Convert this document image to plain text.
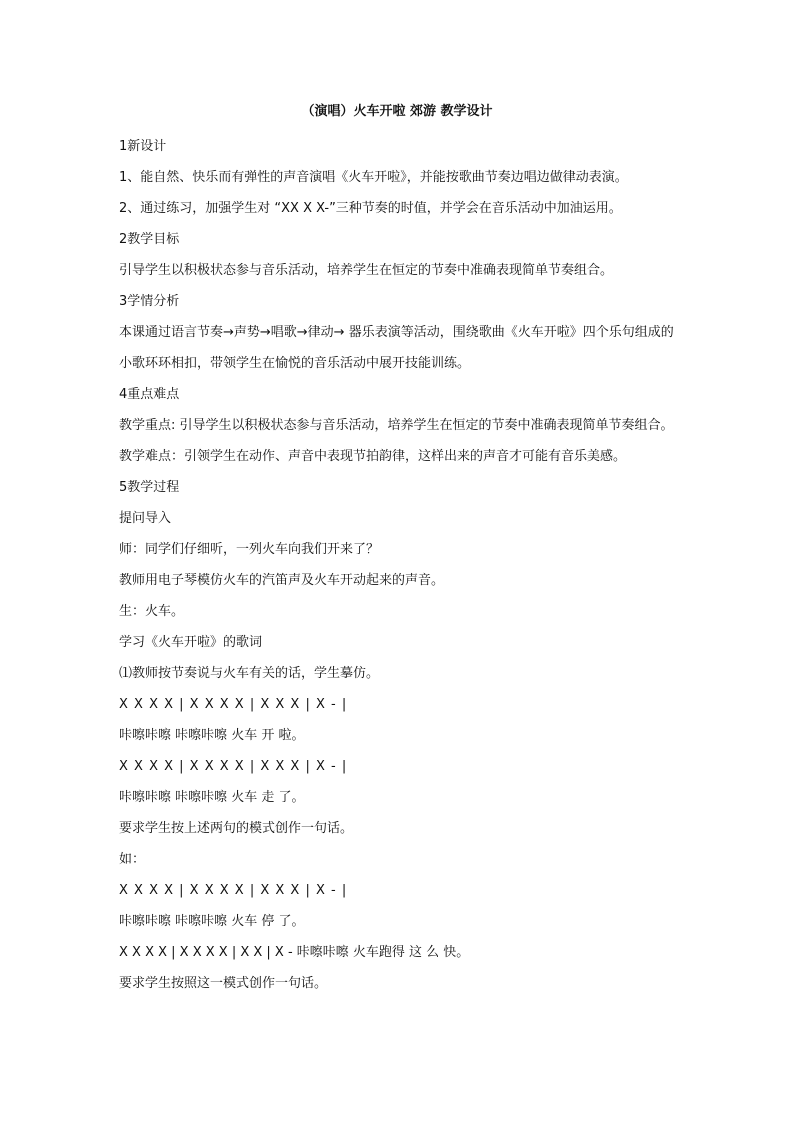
（演唱）火车开啦 郊游 教学设计
1新设计
1、能自然、快乐而有弹性的声音演唱《火车开啦》，并能按歌曲节奏边唱边做律动表演。
2、通过练习，加强学生对 “XX X X-”三种节奏的时值，并学会在音乐活动中加油运用。
2教学目标
引导学生以积极状态参与音乐活动，培养学生在恒定的节奏中准确表现简单节奏组合。
3学情分析
本课通过语言节奏→声势→唱歌→律动→ 器乐表演等活动，围绕歌曲《火车开啦》四个乐句组成的小歌环环相扣，带领学生在愉悦的音乐活动中展开技能训练。
4重点难点
教学重点: 引导学生以积极状态参与音乐活动，培养学生在恒定的节奏中准确表现简单节奏组合。
教学难点：引领学生在动作、声音中表现节拍韵律，这样出来的声音才可能有音乐美感。
5教学过程
提问导入
师：同学们仔细听，一列火车向我们开来了？
教师用电子琴模仿火车的汽笛声及火车开动起来的声音。
生：火车。
学习《火车开啦》的歌词
⑴教师按节奏说与火车有关的话，学生摹仿。
X X X X | X X X X | X X X | X - |
咔嚓咔嚓 咔嚓咔嚓 火车 开 啦。
X X X X | X X X X | X X X | X - |
咔嚓咔嚓 咔嚓咔嚓 火车 走 了。
要求学生按上述两句的模式创作一句话。
如：
X X X X | X X X X | X X X | X - |
咔嚓咔嚓 咔嚓咔嚓 火车 停 了。
X X X X | X X X X | X X | X - 咔嚓咔嚓 火车跑得 这 么 快。
要求学生按照这一模式创作一句话。
